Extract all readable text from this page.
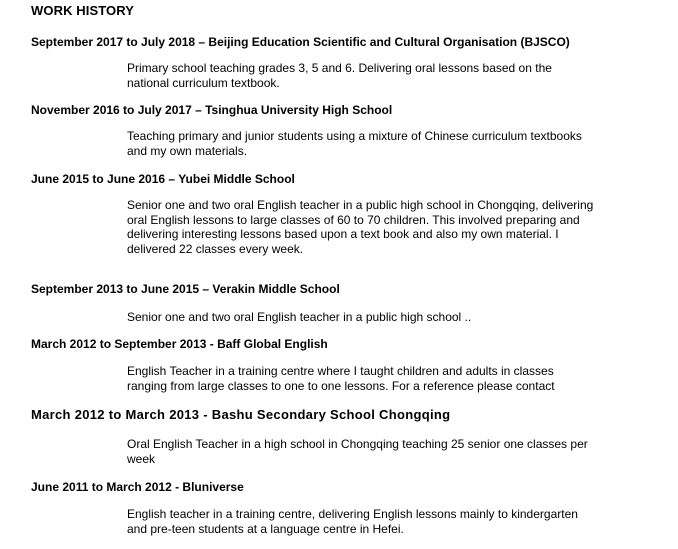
WORK HISTORY
September 2017 to July 2018 – Beijing Education Scientific and Cultural Organisation (BJSCO)
Primary school teaching grades 3, 5 and 6. Delivering oral lessons based on the national curriculum textbook.
November 2016 to July 2017 – Tsinghua University High School
Teaching primary and junior students using a mixture of Chinese curriculum textbooks and my own materials.
June 2015 to June 2016 – Yubei Middle School
Senior one and two oral English teacher in a public high school in Chongqing, delivering oral English lessons to large classes of 60 to 70 children. This involved preparing and delivering interesting lessons based upon a text book and also my own material. I delivered 22 classes every week.
September 2013 to June 2015 – Verakin Middle School
Senior one and two oral English teacher in a public high school ..
March 2012 to September 2013 - Baff Global English
English Teacher in a training centre where I taught children and adults in classes ranging from large classes to one to one lessons. For a reference please contact
March 2012 to March 2013 - Bashu Secondary School Chongqing
Oral English Teacher in a high school in Chongqing teaching 25 senior one classes per week
June 2011 to March 2012 - Bluniverse
English teacher in a training centre, delivering English lessons mainly to kindergarten and pre-teen students at a language centre in Hefei.
